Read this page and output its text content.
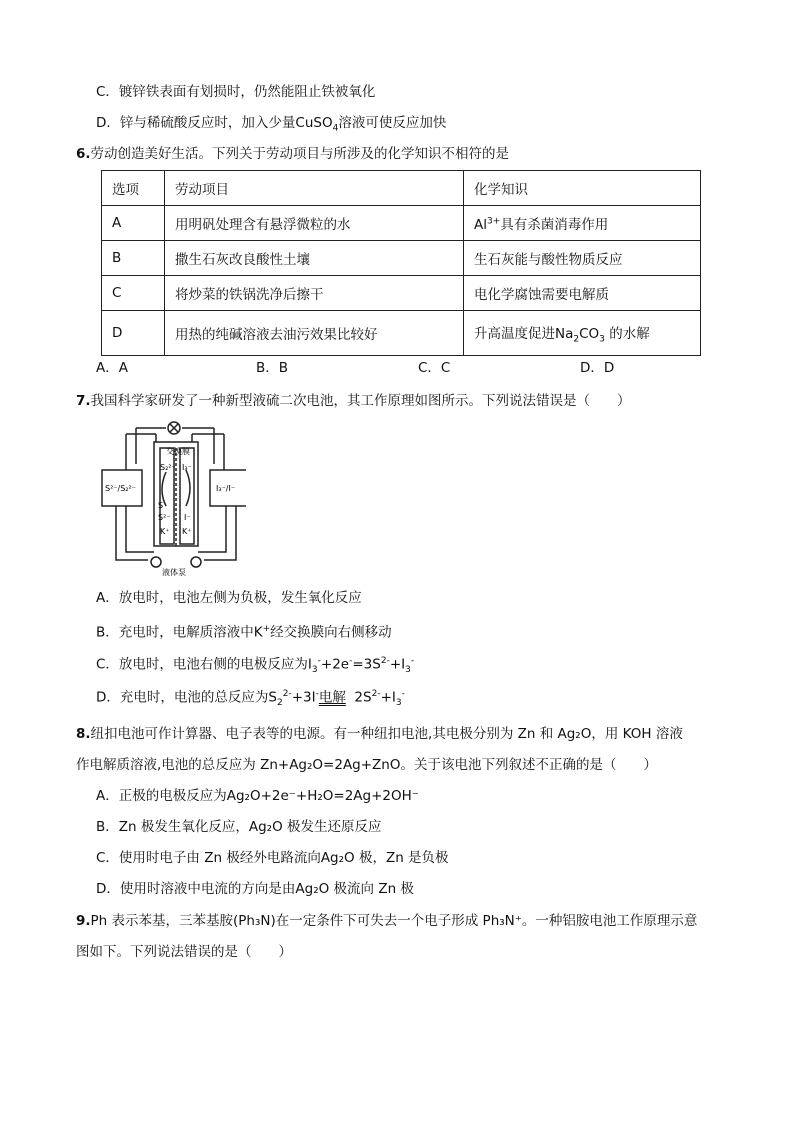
C．镀锌铁表面有划损时，仍然能阻止铁被氧化
D．锌与稀硫酸反应时，加入少量CuSO$_4$溶液可使反应加快
6.劳动创造美好生活。下列关于劳动项目与所涉及的化学知识不相符的是
选项	劳动项目	化学知识
A	用明矾处理含有悬浮微粒的水	$Al^{3+}$具有杀菌消毒作用
B	撒生石灰改良酸性土壤	生石灰能与酸性物质反应
C	将炒菜的铁锅洗净后擦干	电化学腐蚀需要电解质
D	用热的纯碱溶液去油污效果比较好	升高温度促进$Na_2CO_3$ 的水解
A．A	B．B	C．C	D．D
7.我国科学家研发了一种新型液硫二次电池，其工作原理如图所示。下列说法错误是（　　）
交换膜
S²⁻/S₂²⁻	I₃⁻/I⁻
S₂²⁻
S
S²⁻
I₃⁻
I⁻
K⁺ K⁺
液体泵
A．放电时，电池左侧为负极，发生氧化反应
B．充电时，电解质溶液中K+经交换膜向右侧移动
C．放电时，电池右侧的电极反应为$I_3^-+2e^-=3S^{2-}+I_3^-$
D．充电时，电池的总反应为$S_2^{2-}+3I^-$电解 $2S^{2-}+I_3^-$
8.纽扣电池可作计算器、电子表等的电源。有一种纽扣电池,其电极分别为 Zn 和 Ag₂O，用 KOH 溶液
作电解质溶液,电池的总反应为 Zn+Ag₂O=2Ag+ZnO。关于该电池下列叙述不正确的是（　　）
A．正极的电极反应为Ag₂O+2e⁻+H₂O=2Ag+2OH⁻
B．Zn 极发生氧化反应，Ag₂O 极发生还原反应
C．使用时电子由 Zn 极经外电路流向Ag₂O 极，Zn 是负极
D．使用时溶液中电流的方向是由Ag₂O 极流向 Zn 极
9.Ph 表示苯基，三苯基胺(Ph₃N)在一定条件下可失去一个电子形成 Ph₃N⁺。一种铝胺电池工作原理示意
图如下。下列说法错误的是（　　）
